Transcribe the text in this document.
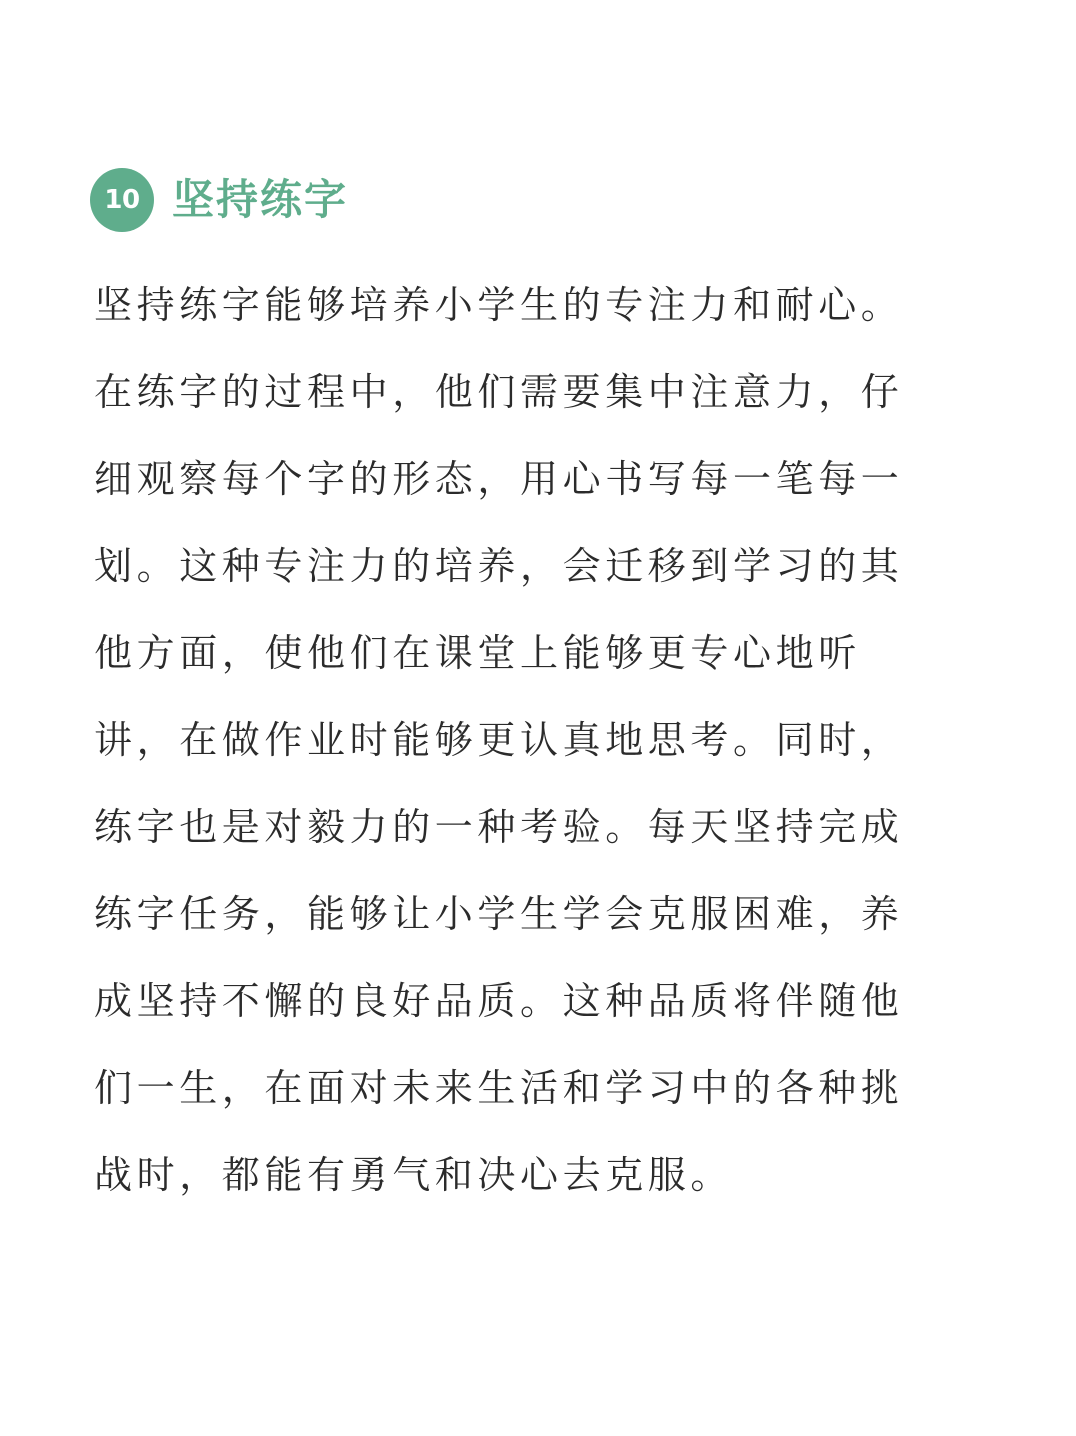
10 坚持练字
坚持练字能够培养小学生的专注力和耐心。
在练字的过程中，他们需要集中注意力，仔
细观察每个字的形态，用心书写每一笔每一
划。这种专注力的培养，会迁移到学习的其
他方面，使他们在课堂上能够更专心地听
讲，在做作业时能够更认真地思考。同时，
练字也是对毅力的一种考验。每天坚持完成
练字任务，能够让小学生学会克服困难，养
成坚持不懈的良好品质。这种品质将伴随他
们一生，在面对未来生活和学习中的各种挑
战时，都能有勇气和决心去克服。
